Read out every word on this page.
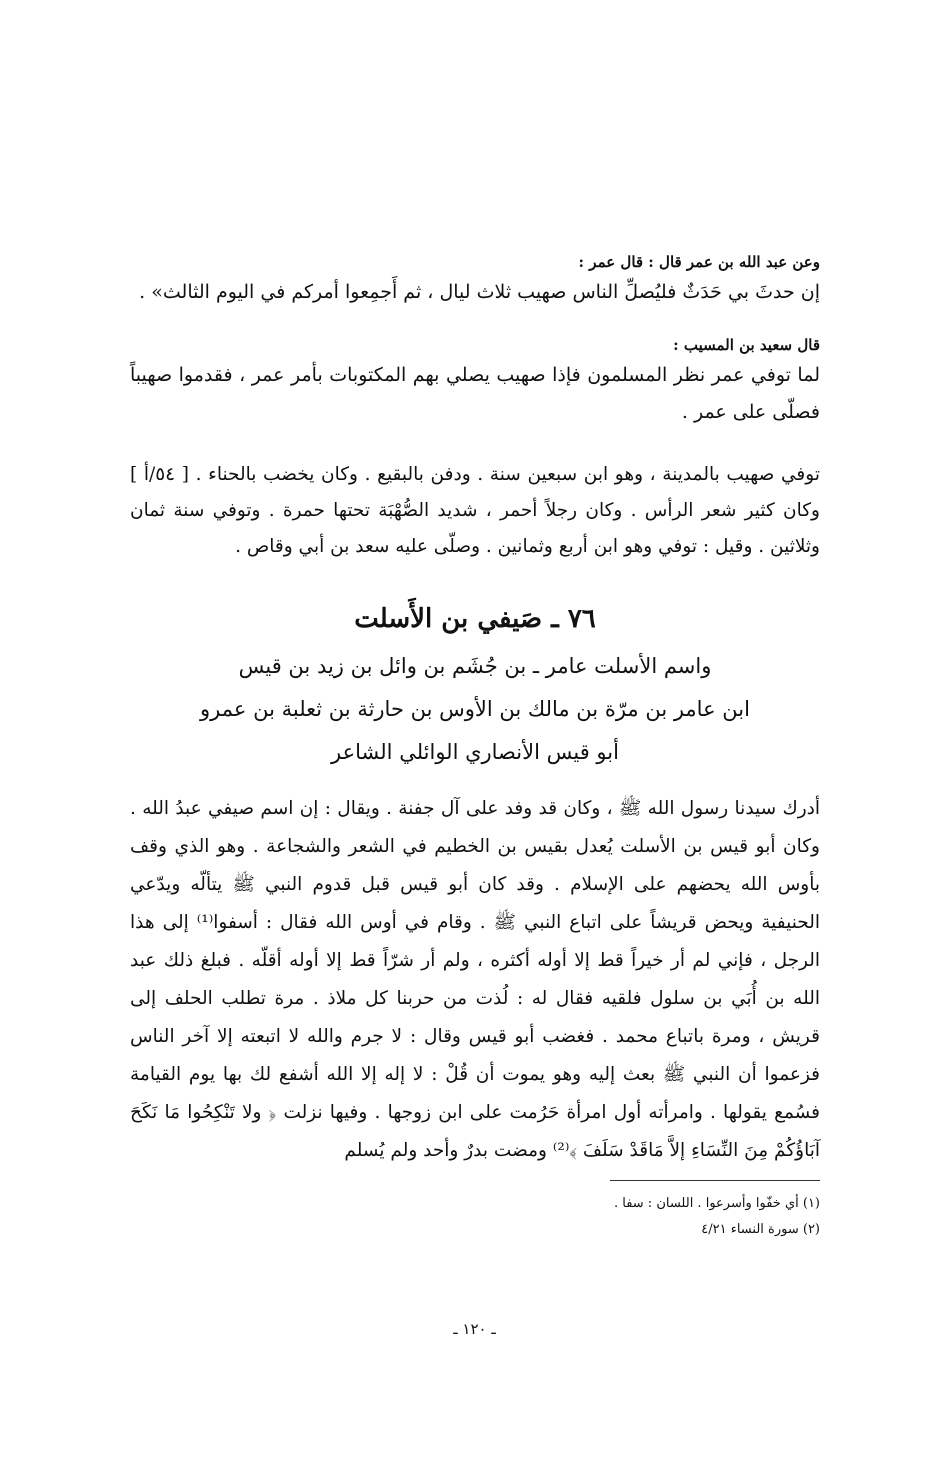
وعن عبد الله بن عمر قال : قال عمر :

إن حدثَ بي حَدَثٌ فليُصلِّ الناس صهيب ثلاث ليال ، ثم أَجمِعوا أمركم في اليوم الثالث» .

قال سعيد بن المسيب :

لما توفي عمر نظر المسلمون فإذا صهيب يصلي بهم المكتوبات بأمر عمر ، فقدموا صهيباً فصلّى على عمر .

توفي صهيب بالمدينة ، وهو ابن سبعين سنة . ودفن بالبقيع . وكان يخضب بالحناء . [ ٥٤/أ ] وكان كثير شعر الرأس . وكان رجلاً أحمر ، شديد الصُّهْبَة تحتها حمرة . وتوفي سنة ثمان وثلاثين . وقيل : توفي وهو ابن أربع وثمانين . وصلّى عليه سعد بن أبي وقاص .

٧٦ ـ صَيفي بن الأَسلت

واسم الأسلت عامر ـ بن جُشَم بن وائل بن زيد بن قيس

ابن عامر بن مرّة بن مالك بن الأوس بن حارثة بن ثعلبة بن عمرو

أبو قيس الأنصاري الوائلي الشاعر

أدرك سيدنا رسول الله ﷺ ، وكان قد وفد على آل جفنة . ويقال : إن اسم صيفي عبدُ الله . وكان أبو قيس بن الأسلت يُعدل بقيس بن الخطيم في الشعر والشجاعة . وهو الذي وقف بأوس الله يحضهم على الإسلام . وقد كان أبو قيس قبل قدوم النبي ﷺ يتألّه ويدّعي الحنيفية ويحض قريشاً على اتباع النبي ﷺ . وقام في أوس الله فقال : أسفوا⁽¹⁾ إلى هذا الرجل ، فإني لم أر خيراً قط إلا أوله أكثره ، ولم أر شرّاً قط إلا أوله أقلّه . فبلغ ذلك عبد الله بن أُبَي بن سلول فلقيه فقال له : لُذت من حربنا كل ملاذ . مرة تطلب الحلف إلى قريش ، ومرة باتباع محمد . فغضب أبو قيس وقال : لا جرم والله لا اتبعته إلا آخر الناس فزعموا أن النبي ﷺ بعث إليه وهو يموت أن قُلْ : لا إله إلا الله أشفع لك بها يوم القيامة فسُمع يقولها . وامرأته أول امرأة حَرُمت على ابن زوجها . وفيها نزلت ﴿ ولا تَنْكِحُوا مَا نَكَحَ آبَاؤُكُمْ مِنَ النِّسَاءِ إلاَّ مَاقَدْ سَلَفَ ﴾⁽²⁾ ومضت بدرٌ وأحد ولم يُسلم

(١) أي خفّوا وأسرعوا . اللسان : سفا .

(٢) سورة النساء ٤/٢١

ـ ١٢٠ ـ
